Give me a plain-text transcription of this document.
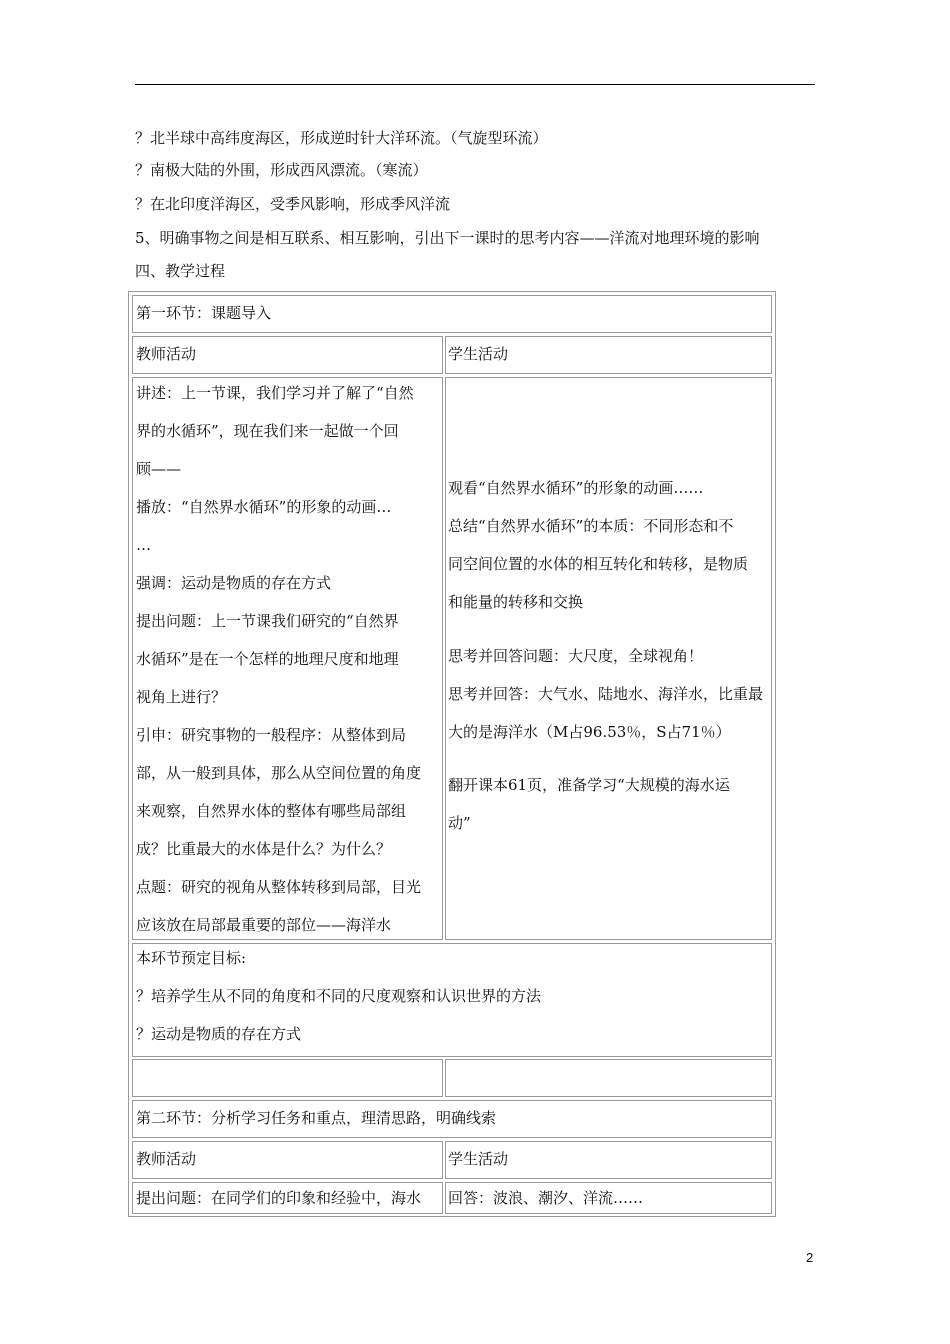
？北半球中高纬度海区，形成逆时针大洋环流。（气旋型环流）
？南极大陆的外围，形成西风漂流。（寒流）
？在北印度洋海区，受季风影响，形成季风洋流
5、明确事物之间是相互联系、相互影响，引出下一课时的思考内容——洋流对地理环境的影响
四、教学过程
第一环节：课题导入
教师活动	学生活动
讲述：上一节课，我们学习并了解了“自然
界的水循环”，现在我们来一起做一个回
顾——
播放：“自然界水循环”的形象的动画…
…
强调：运动是物质的存在方式
提出问题：上一节课我们研究的“自然界
水循环”是在一个怎样的地理尺度和地理
视角上进行？
引申：研究事物的一般程序：从整体到局
部，从一般到具体，那么从空间位置的角度
来观察，自然界水体的整体有哪些局部组
成？比重最大的水体是什么？为什么？
点题：研究的视角从整体转移到局部，目光
应该放在局部最重要的部位——海洋水
观看“自然界水循环”的形象的动画……
总结“自然界水循环”的本质：不同形态和不
同空间位置的水体的相互转化和转移，是物质
和能量的转移和交换
思考并回答问题：大尺度，全球视角！
思考并回答：大气水、陆地水、海洋水，比重最
大的是海洋水（M占96.53％，S占71％）
翻开课本61页，准备学习“大规模的海水运
动”
本环节预定目标:
？培养学生从不同的角度和不同的尺度观察和认识世界的方法
？运动是物质的存在方式
第二环节：分析学习任务和重点，理清思路，明确线索
教师活动	学生活动
提出问题：在同学们的印象和经验中，海水 回答：波浪、潮汐、洋流……
2
